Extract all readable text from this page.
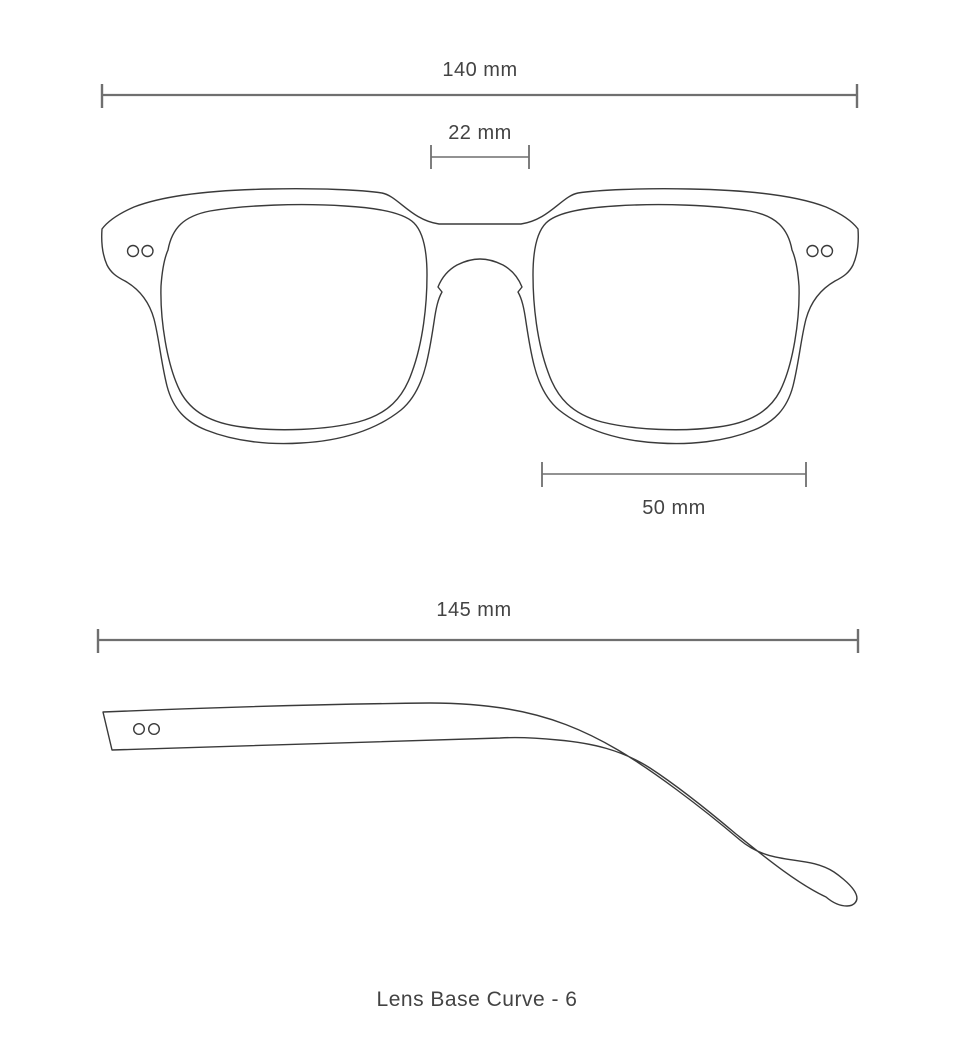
140 mm
22 mm
50 mm
145 mm
Lens Base Curve - 6
